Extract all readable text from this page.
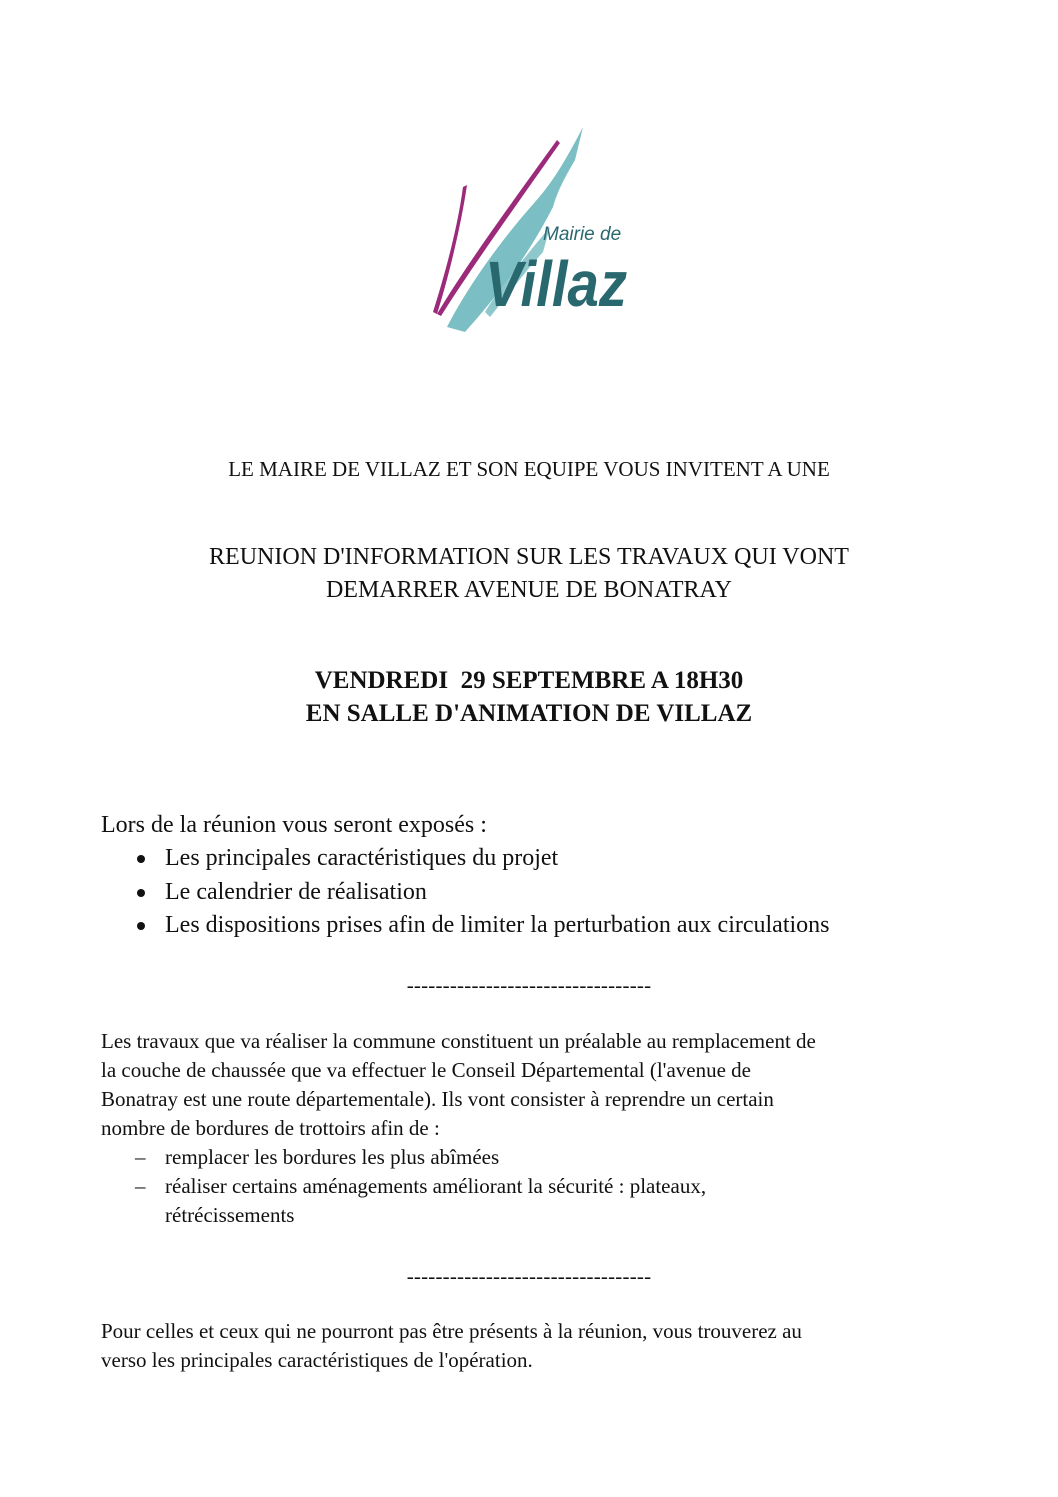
Mairie de
Villaz
LE MAIRE DE VILLAZ ET SON EQUIPE VOUS INVITENT A UNE
REUNION D'INFORMATION SUR LES TRAVAUX QUI VONT
DEMARRER AVENUE DE BONATRAY
VENDREDI  29 SEPTEMBRE A 18H30
EN SALLE D'ANIMATION DE VILLAZ
Lors de la réunion vous seront exposés :
Les principales caractéristiques du projet
Le calendrier de réalisation
Les dispositions prises afin de limiter la perturbation aux circulations
----------------------------------
Les travaux que va réaliser la commune constituent un préalable au remplacement de
la couche de chaussée que va effectuer le Conseil Départemental (l'avenue de
Bonatray est une route départementale). Ils vont consister à reprendre un certain
nombre de bordures de trottoirs afin de :
– remplacer les bordures les plus abîmées
– réaliser certains aménagements améliorant la sécurité : plateaux,
rétrécissements
----------------------------------
Pour celles et ceux qui ne pourront pas être présents à la réunion, vous trouverez au
verso les principales caractéristiques de l'opération.
